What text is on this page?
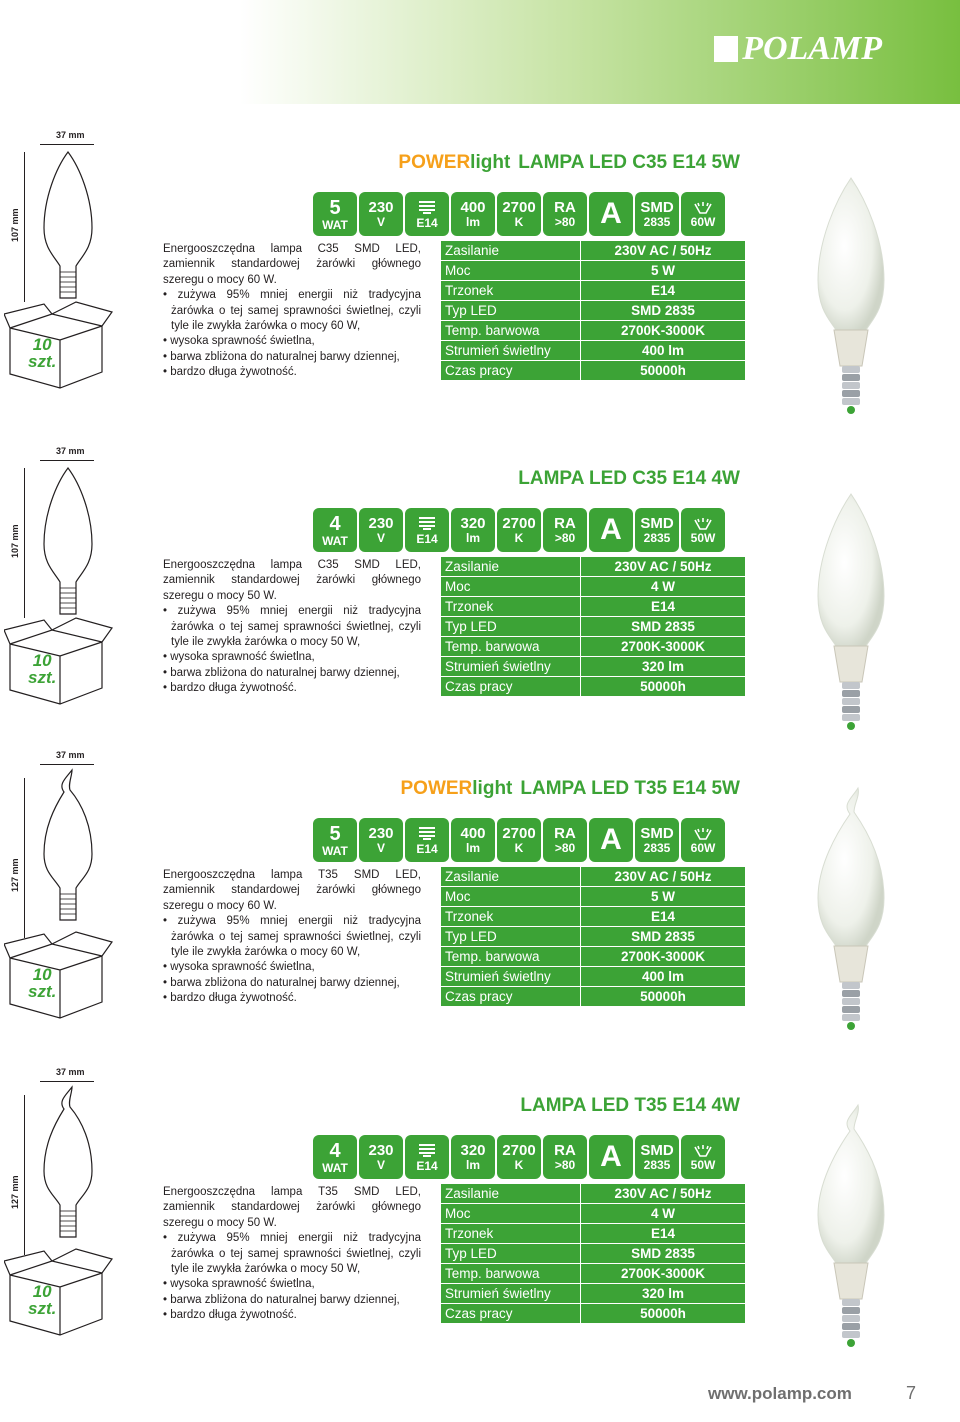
POLAMP
37 mm
107 mm
10
szt.
POWERlight LAMPA LED C35 E14 5W
5
WAT
230
V	E14
400
lm
2700
K
RA
>80 A SMD
2835 60W
Energooszczędna lampa C35 SMD LED, zamiennik standardowej żarówki głównego szeregu o mocy 60 W.
• zużywa 95% mniej energii niż tradycyjna żarówka o tej samej sprawności świetlnej, czyli tyle ile zwykła żarówka o mocy 60 W,
• wysoka sprawność świetlna,
• barwa zbliżona do naturalnej barwy dziennej,
• bardzo długa żywotność.
Zasilanie	230V AC / 50Hz
Moc	5 W
Trzonek	E14
Typ LED	SMD 2835
Temp. barwowa	2700K-3000K
Strumień świetlny	400 lm
Czas pracy	50000h
37 mm
107 mm
10
szt.
LAMPA LED C35 E14 4W
4
WAT
230
V	E14
320
lm
2700
K
RA
>80 A SMD
2835 50W
Energooszczędna lampa C35 SMD LED, zamiennik standardowej żarówki głównego szeregu o mocy 50 W.
• zużywa 95% mniej energii niż tradycyjna żarówka o tej samej sprawności świetlnej, czyli tyle ile zwykła żarówka o mocy 50 W,
• wysoka sprawność świetlna,
• barwa zbliżona do naturalnej barwy dziennej,
• bardzo długa żywotność.
Zasilanie	230V AC / 50Hz
Moc	4 W
Trzonek	E14
Typ LED	SMD 2835
Temp. barwowa	2700K-3000K
Strumień świetlny	320 lm
Czas pracy	50000h
37 mm
127 mm
10
szt.
POWERlight LAMPA LED T35 E14 5W
5
WAT
230
V	E14
400
lm
2700
K
RA
>80 A SMD
2835 60W
Energooszczędna lampa T35 SMD LED, zamiennik standardowej żarówki głównego szeregu o mocy 60 W.
• zużywa 95% mniej energii niż tradycyjna żarówka o tej samej sprawności świetlnej, czyli tyle ile zwykła żarówka o mocy 60 W,
• wysoka sprawność świetlna,
• barwa zbliżona do naturalnej barwy dziennej,
• bardzo długa żywotność.
Zasilanie	230V AC / 50Hz
Moc	5 W
Trzonek	E14
Typ LED	SMD 2835
Temp. barwowa	2700K-3000K
Strumień świetlny	400 lm
Czas pracy	50000h
37 mm
127 mm
10
szt.
LAMPA LED T35 E14 4W
4
WAT
230
V	E14
320
lm
2700
K
RA
>80 A SMD
2835 50W
Energooszczędna lampa T35 SMD LED, zamiennik standardowej żarówki głównego szeregu o mocy 50 W.
• zużywa 95% mniej energii niż tradycyjna żarówka o tej samej sprawności świetlnej, czyli tyle ile zwykła żarówka o mocy 50 W,
• wysoka sprawność świetlna,
• barwa zbliżona do naturalnej barwy dziennej,
• bardzo długa żywotność.
Zasilanie	230V AC / 50Hz
Moc	4 W
Trzonek	E14
Typ LED	SMD 2835
Temp. barwowa	2700K-3000K
Strumień świetlny	320 lm
Czas pracy	50000h
www.polamp.com	7
